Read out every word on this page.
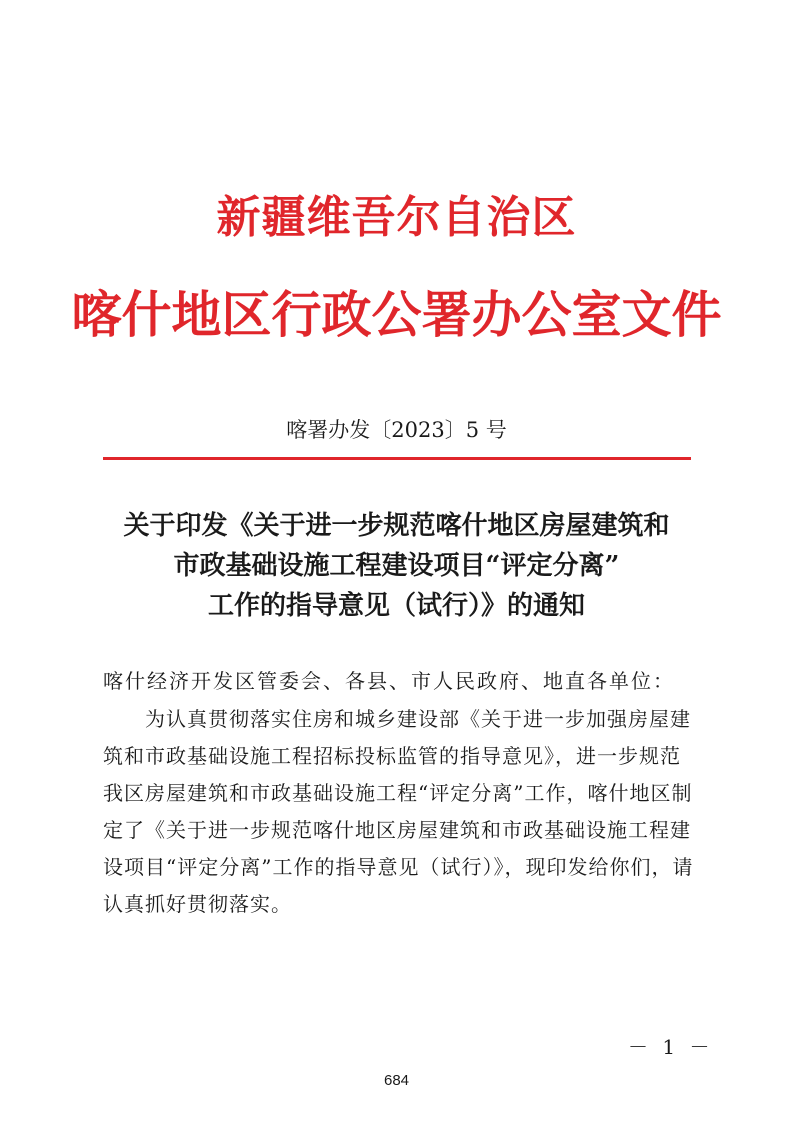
新疆维吾尔自治区
喀什地区行政公署办公室文件
喀署办发〔2023〕5 号
关于印发《关于进一步规范喀什地区房屋建筑和
市政基础设施工程建设项目“评定分离”
工作的指导意见（试行）》的通知
喀什经济开发区管委会、各县、市人民政府、地直各单位：
　　为认真贯彻落实住房和城乡建设部《关于进一步加强房屋建
筑和市政基础设施工程招标投标监管的指导意见》，进一步规范
我区房屋建筑和市政基础设施工程“评定分离”工作，喀什地区制
定了《关于进一步规范喀什地区房屋建筑和市政基础设施工程建
设项目“评定分离”工作的指导意见（试行）》，现印发给你们，请
认真抓好贯彻落实。
－ 1 －
684
